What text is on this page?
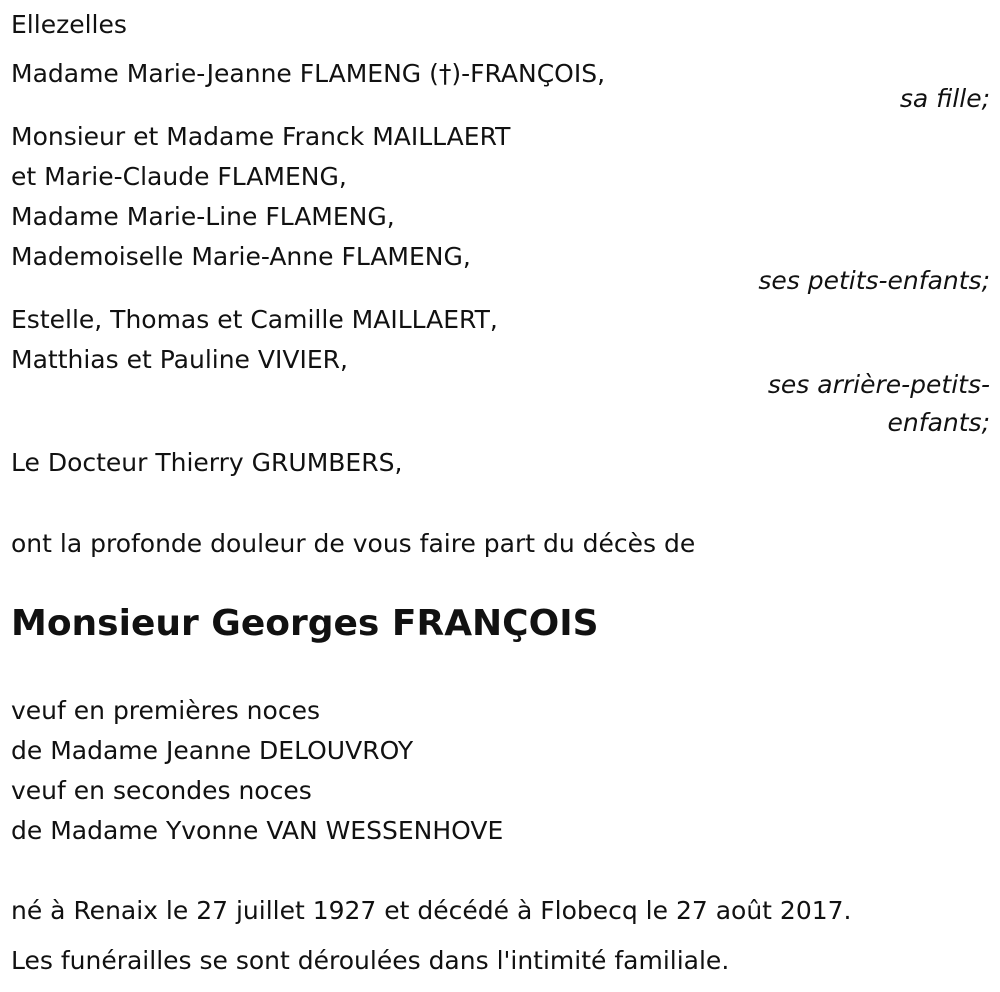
Ellezelles
Madame Marie-Jeanne FLAMENG (†)-FRANÇOIS,
sa fille;
Monsieur et Madame Franck MAILLAERT
et Marie-Claude FLAMENG,
Madame Marie-Line FLAMENG,
Mademoiselle Marie-Anne FLAMENG,
ses petits-enfants;
Estelle, Thomas et Camille MAILLAERT,
Matthias et Pauline VIVIER,
ses arrière-petits-
enfants;
Le Docteur Thierry GRUMBERS,
ont la profonde douleur de vous faire part du décès de
Monsieur Georges FRANÇOIS
veuf en premières noces
de Madame Jeanne DELOUVROY
veuf en secondes noces
de Madame Yvonne VAN WESSENHOVE
né à Renaix le 27 juillet 1927 et décédé à Flobecq le 27 août 2017.
Les funérailles se sont déroulées dans l'intimité familiale.
